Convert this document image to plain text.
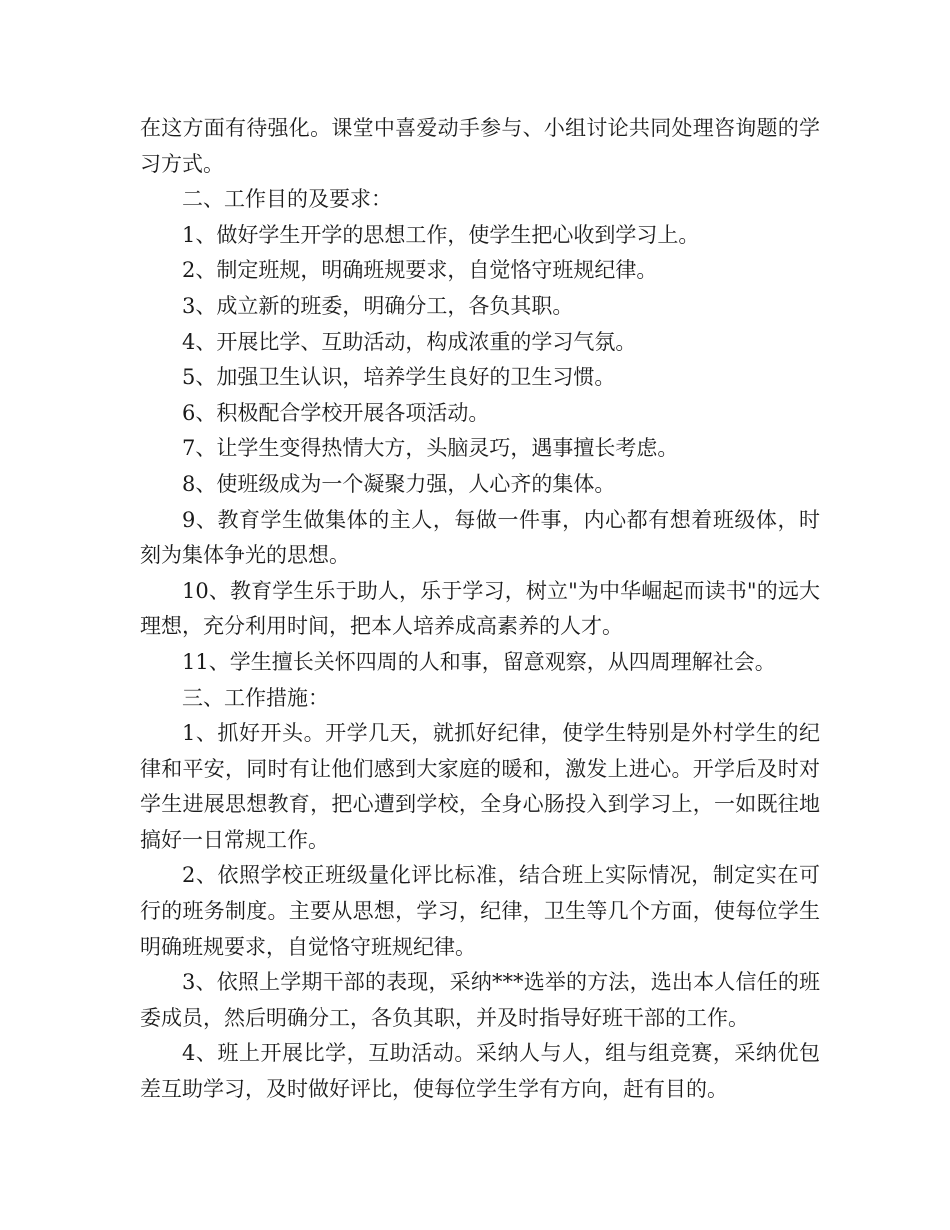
在这方面有待强化。课堂中喜爱动手参与、小组讨论共同处理咨询题的学习方式。

二、工作目的及要求：

1、做好学生开学的思想工作，使学生把心收到学习上。

2、制定班规，明确班规要求，自觉恪守班规纪律。

3、成立新的班委，明确分工，各负其职。

4、开展比学、互助活动，构成浓重的学习气氛。

5、加强卫生认识，培养学生良好的卫生习惯。

6、积极配合学校开展各项活动。

7、让学生变得热情大方，头脑灵巧，遇事擅长考虑。

8、使班级成为一个凝聚力强，人心齐的集体。

9、教育学生做集体的主人，每做一件事，内心都有想着班级体，时刻为集体争光的思想。

10、教育学生乐于助人，乐于学习，树立"为中华崛起而读书"的远大理想，充分利用时间，把本人培养成高素养的人才。

11、学生擅长关怀四周的人和事，留意观察，从四周理解社会。

三、工作措施：

1、抓好开头。开学几天，就抓好纪律，使学生特别是外村学生的纪律和平安，同时有让他们感到大家庭的暖和，激发上进心。开学后及时对学生进展思想教育，把心遭到学校，全身心肠投入到学习上，一如既往地搞好一日常规工作。

2、依照学校正班级量化评比标准，结合班上实际情况，制定实在可行的班务制度。主要从思想，学习，纪律，卫生等几个方面，使每位学生明确班规要求，自觉恪守班规纪律。

3、依照上学期干部的表现，采纳***选举的方法，选出本人信任的班委成员，然后明确分工，各负其职，并及时指导好班干部的工作。

4、班上开展比学，互助活动。采纳人与人，组与组竞赛，采纳优包差互助学习，及时做好评比，使每位学生学有方向，赶有目的。
